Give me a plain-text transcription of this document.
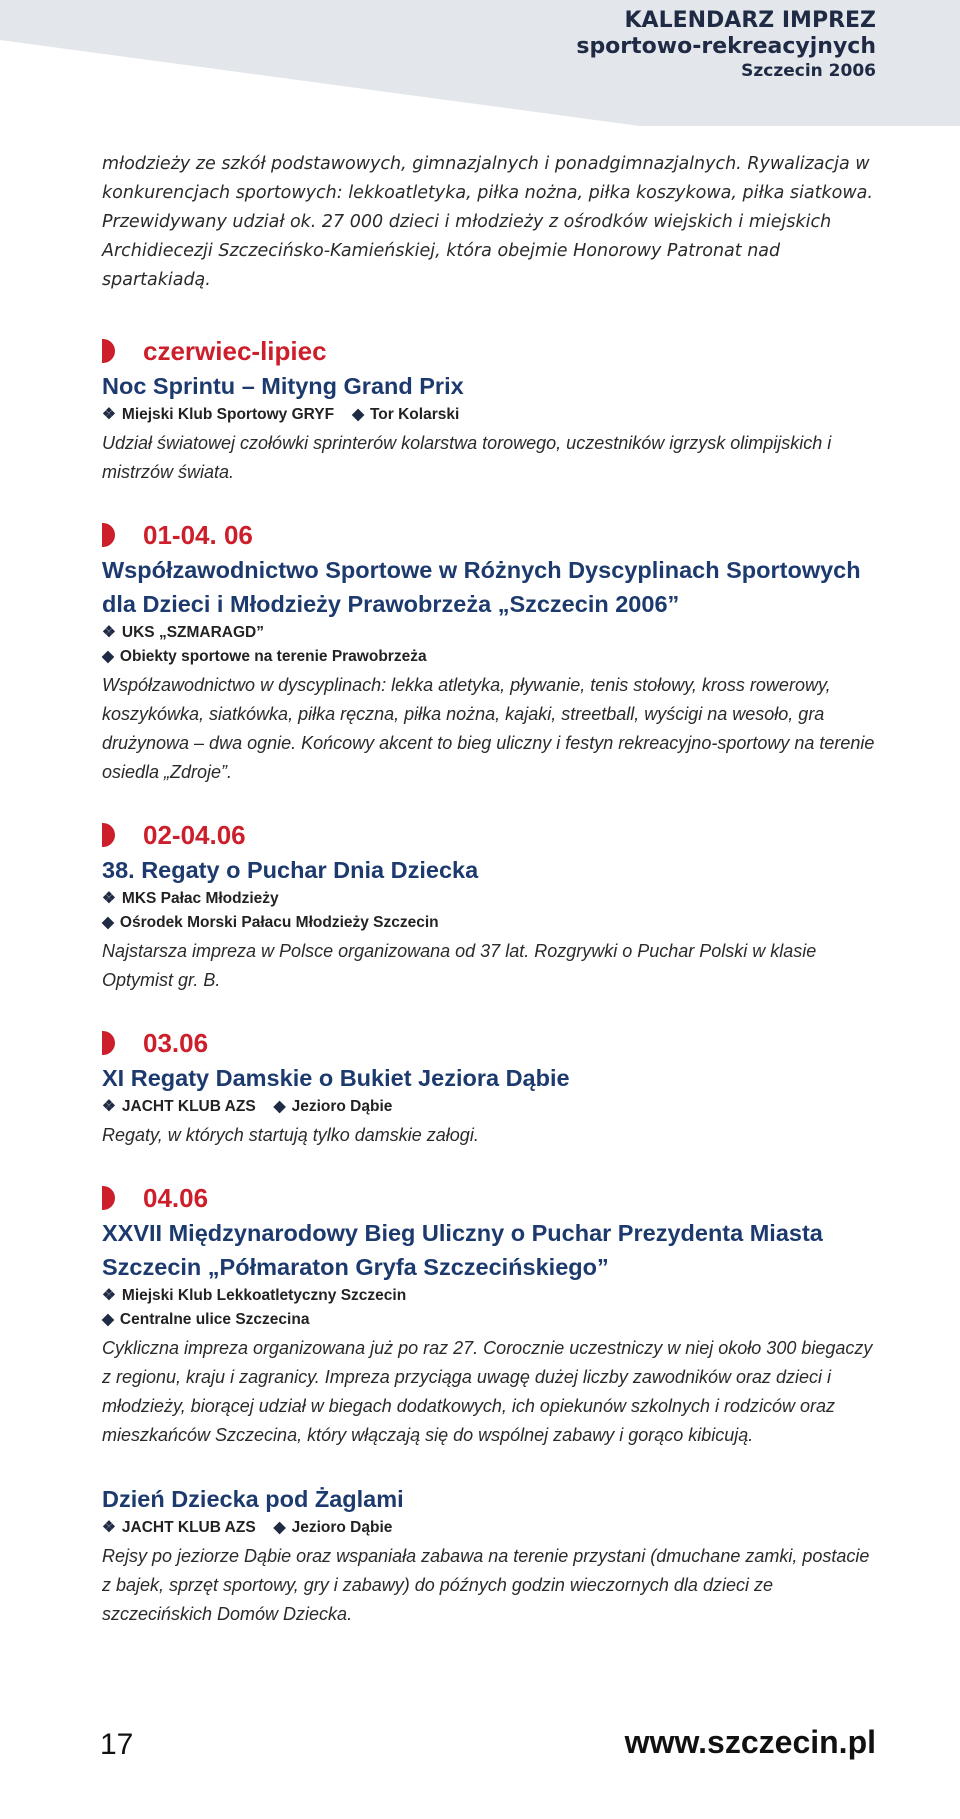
KALENDARZ IMPREZ
sportowo-rekreacyjnych
Szczecin 2006

młodzieży ze szkół podstawowych, gimnazjalnych i ponadgimnazjalnych. Rywalizacja w konkurencjach sportowych: lekkoatletyka, piłka nożna, piłka koszykowa, piłka siatkowa. Przewidywany udział ok. 27 000 dzieci i młodzieży z ośrodków wiejskich i miejskich Archidiecezji Szczecińsko-Kamieńskiej, która obejmie Honorowy Patronat nad spartakiadą.

czerwiec-lipiec
Noc Sprintu – Mityng Grand Prix
❖ Miejski Klub Sportowy GRYF ◆ Tor Kolarski

Udział światowej czołówki sprinterów kolarstwa torowego, uczestników igrzysk olimpijskich i mistrzów świata.

01-04. 06
Współzawodnictwo Sportowe w Różnych Dyscyplinach Sportowych dla Dzieci i Młodzieży Prawobrzeża „Szczecin 2006”
❖ UKS „SZMARAGD”
◆ Obiekty sportowe na terenie Prawobrzeża

Współzawodnictwo w dyscyplinach: lekka atletyka, pływanie, tenis stołowy, kross rowerowy, koszykówka, siatkówka, piłka ręczna, piłka nożna, kajaki, streetball, wyścigi na wesoło, gra drużynowa – dwa ognie. Końcowy akcent to bieg uliczny i festyn rekreacyjno-sportowy na terenie osiedla „Zdroje”.

02-04.06
38. Regaty o Puchar Dnia Dziecka
❖ MKS Pałac Młodzieży
◆ Ośrodek Morski Pałacu Młodzieży Szczecin

Najstarsza impreza w Polsce organizowana od 37 lat. Rozgrywki o Puchar Polski w klasie Optymist gr. B.

03.06
XI Regaty Damskie o Bukiet Jeziora Dąbie
❖ JACHT KLUB AZS ◆ Jezioro Dąbie

Regaty, w których startują tylko damskie załogi.

04.06
XXVII Międzynarodowy Bieg Uliczny o Puchar Prezydenta Miasta Szczecin „Półmaraton Gryfa Szczecińskiego”
❖ Miejski Klub Lekkoatletyczny Szczecin
◆ Centralne ulice Szczecina

Cykliczna impreza organizowana już po raz 27. Corocznie uczestniczy w niej około 300 biegaczy z regionu, kraju i zagranicy. Impreza przyciąga uwagę dużej liczby zawodników oraz dzieci i młodzieży, biorącej udział w biegach dodatkowych, ich opiekunów szkolnych i rodziców oraz mieszkańców Szczecina, który włączają się do wspólnej zabawy i gorąco kibicują.

Dzień Dziecka pod Żaglami
❖ JACHT KLUB AZS ◆ Jezioro Dąbie

Rejsy po jeziorze Dąbie oraz wspaniała zabawa na terenie przystani (dmuchane zamki, postacie z bajek, sprzęt sportowy, gry i zabawy) do późnych godzin wieczornych dla dzieci ze szczecińskich Domów Dziecka.

17	www.szczecin.pl
